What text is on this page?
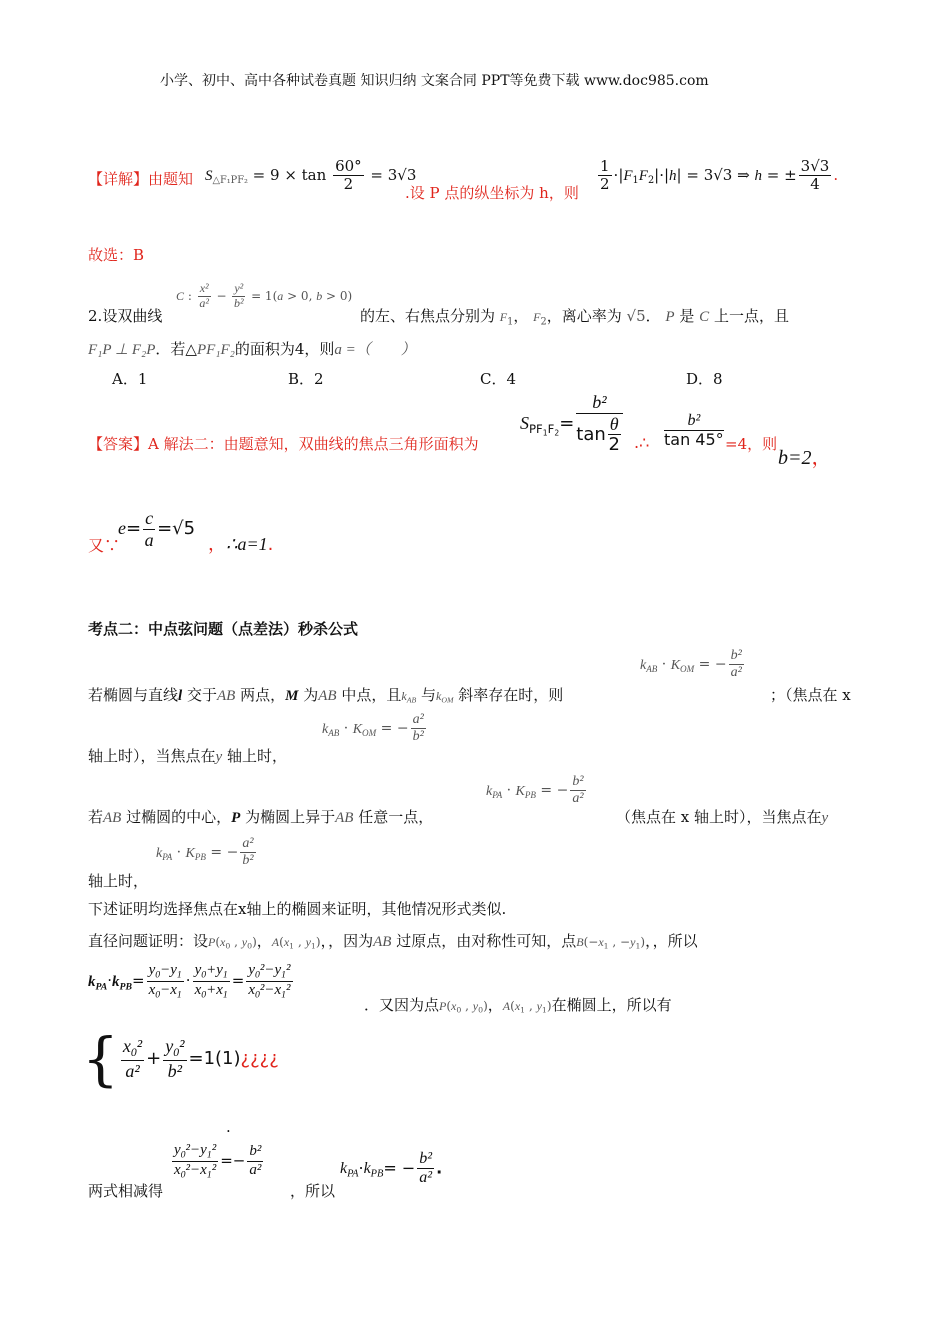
小学、初中、高中各种试卷真题 知识归纳 文案合同 PPT等免费下载 www.doc985.com
【详解】由题知 $S_{\triangle F_1PF_2} = 9 \times \tan \frac{60^\circ}{2} = 3√3$
.设 P 点的纵坐标为 h，则 $\frac{1}{2} \cdot|F_1F_2|\cdot|h| = 3√3$ ⇒ h = ± $\frac{3√3}{4}$ .
故选：B
2.设双曲线
C : $\frac{\text{x²}}{\text{a²}} - \frac{\text{y²}}{\text{b²}} = 1(a > 0$, b > 0)
的左、右焦点分别为 $F_1$， $F_2$，离心率为 √5． P 是 C 上一点，且
F₁P ⊥ F₂P．若△PF₁F₂的面积为4，则a =（　　）
A．1	B．2	C．4	D．8
【答案】A 解法二：由题意知，双曲线的焦点三角形面积为
$S_{PF_1F_2}= \frac{\text{b²}}{\tan \frac{\theta}{2}}$ .∴ $\frac{\text{b²}}{\tan 45^\circ} =4$，则
b=2，
又∵
$e= \frac{c}{a} =√5$
，∴a=1.
考点二：中点弦问题（点差法）秒杀公式
若椭圆与直线l 交于AB 两点，M 为AB 中点，且$k_{AB}$ 与$k_{OM}$ 斜率存在时，则
$k_{AB} \cdot K_{OM}$ = − $\frac{\text{b²}}{\text{a²}}$
；（焦点在 x
$k_{AB} \cdot K_{OM}$ = − $\frac{\text{a²}}{\text{b²}}$
轴上时），当焦点在y 轴上时，
若AB 过椭圆的中心，P 为椭圆上异于AB 任意一点，
$k_{PA} \cdot K_{PB}$ = − $\frac{\text{b²}}{\text{a²}}$
（焦点在 x 轴上时），当焦点在y
$k_{PA} \cdot K_{PB}$ = − $\frac{\text{a²}}{\text{b²}}$
轴上时，
下述证明均选择焦点在x轴上的椭圆来证明，其他情况形式类似.
直径问题证明：设$P(x_0$ , $y_0$)，$A(x_1$ , $y_1$)，，因为AB 过原点，由对称性可知，点$B(-x_1$ , $-y_1$)，，所以
$k_{PA}\cdot k_{PB}= \frac{y_0-y_1}{x_0-x_1} \cdot \frac{y_0+y_1}{x_0+x_1} = \frac{y_0^2-y_1^2}{x_0^2-x_1^2}$
．又因为点$P(x_0$ , $y_0$)，$A(x_1$ , $y_1$)在椭圆上，所以有
{ $\frac{x_0^2}{\text{a²}} + \frac{y_0^2}{\text{b²}}$ =1(1)¿¿¿¿
.
两式相减得
$\frac{y_0^2-y_1^2}{x_0^2-x_1^2} =- \frac{\text{b²}}{\text{a²}}$
，所以
$k_{PA}\cdot k_{PB}= - \frac{\text{b²}}{\text{a²}}$ .
